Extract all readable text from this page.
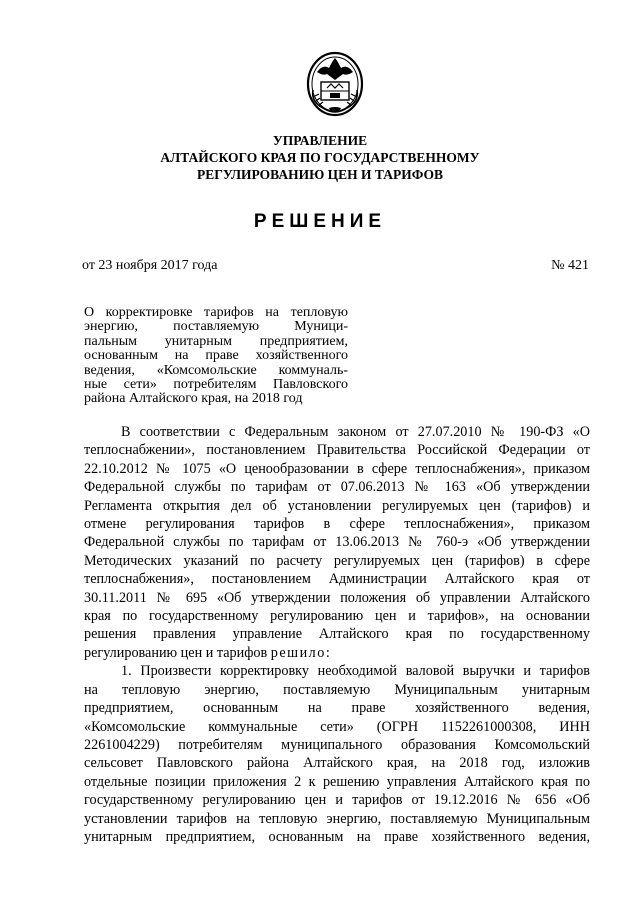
УПРАВЛЕНИЕ
АЛТАЙСКОГО КРАЯ ПО ГОСУДАРСТВЕННОМУ
РЕГУЛИРОВАНИЮ ЦЕН И ТАРИФОВ
РЕШЕНИЕ
от 23 ноября 2017 года	№ 421
О корректировке тарифов на тепловую
энергию, поставляемую Муници-
пальным унитарным предприятием,
основанным на праве хозяйственного
ведения, «Комсомольские коммуналь-
ные сети» потребителям Павловского
района Алтайского края, на 2018 год
В соответствии с Федеральным законом от 27.07.2010 № 190-ФЗ «О
теплоснабжении», постановлением Правительства Российской Федерации от
22.10.2012 № 1075 «О ценообразовании в сфере теплоснабжения», приказом
Федеральной службы по тарифам от 07.06.2013 № 163 «Об утверждении
Регламента открытия дел об установлении регулируемых цен (тарифов) и
отмене регулирования тарифов в сфере теплоснабжения», приказом
Федеральной службы по тарифам от 13.06.2013 № 760-э «Об утверждении
Методических указаний по расчету регулируемых цен (тарифов) в сфере
теплоснабжения», постановлением Администрации Алтайского края от
30.11.2011 № 695 «Об утверждении положения об управлении Алтайского
края по государственному регулированию цен и тарифов», на основании
решения правления управление Алтайского края по государственному
регулированию цен и тарифов решило:
1. Произвести корректировку необходимой валовой выручки и тарифов
на тепловую энергию, поставляемую Муниципальным унитарным
предприятием, основанным на праве хозяйственного ведения,
«Комсомольские коммунальные сети» (ОГРН 1152261000308, ИНН
2261004229) потребителям муниципального образования Комсомольский
сельсовет Павловского района Алтайского края, на 2018 год, изложив
отдельные позиции приложения 2 к решению управления Алтайского края по
государственному регулированию цен и тарифов от 19.12.2016 № 656 «Об
установлении тарифов на тепловую энергию, поставляемую Муниципальным
унитарным предприятием, основанным на праве хозяйственного ведения,
